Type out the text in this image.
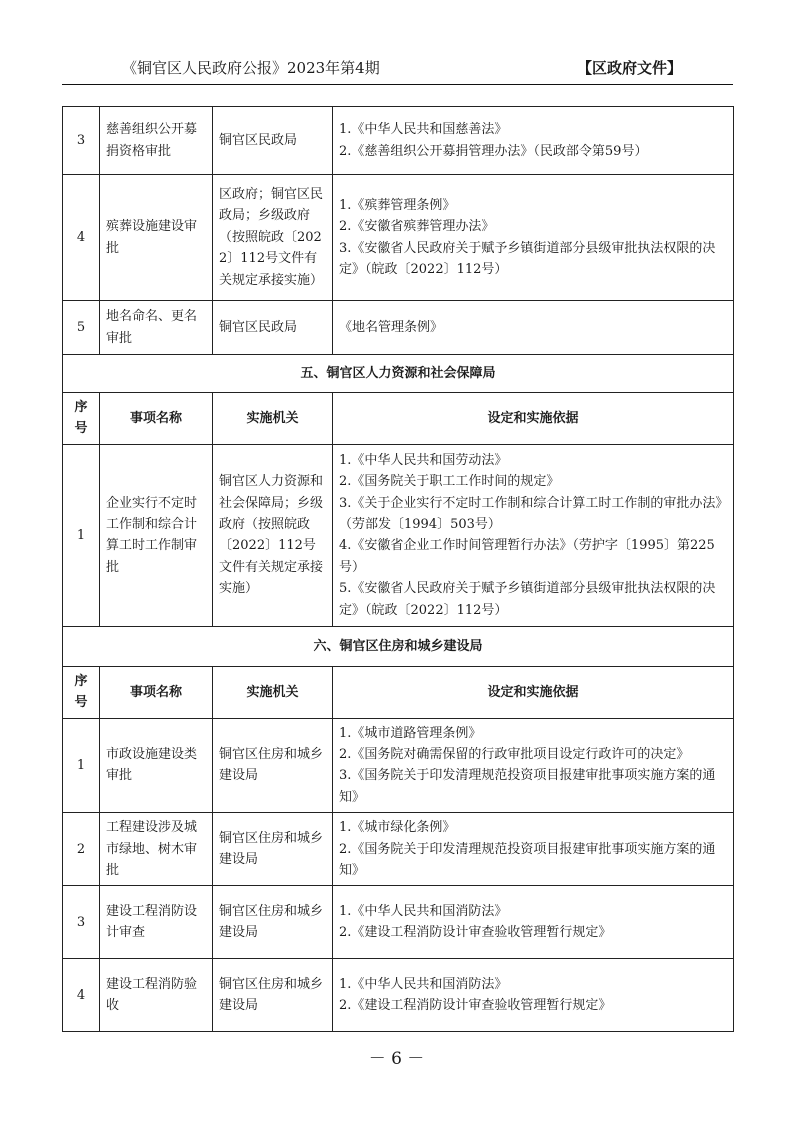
《铜官区人民政府公报》2023年第4期	【区政府文件】
3	慈善组织公开募捐资格审批	铜官区民政局	1.《中华人民共和国慈善法》
2.《慈善组织公开募捐管理办法》（民政部令第59号）

4	殡葬设施建设审批	区政府；铜官区民政局；乡级政府（按照皖政〔2022〕112号文件有关规定承接实施）	1.《殡葬管理条例》
2.《安徽省殡葬管理办法》
3.《安徽省人民政府关于赋予乡镇街道部分县级审批执法权限的决定》（皖政〔2022〕112号）

5	地名命名、更名审批	铜官区民政局	《地名管理条例》

五、铜官区人力资源和社会保障局			
序号	事项名称	实施机关	设定和实施依据
1	企业实行不定时工作制和综合计算工时工作制审批	铜官区人力资源和社会保障局；乡级政府（按照皖政〔2022〕112号文件有关规定承接实施）	1.《中华人民共和国劳动法》
2.《国务院关于职工工作时间的规定》
3.《关于企业实行不定时工作制和综合计算工时工作制的审批办法》（劳部发〔1994〕503号）
4.《安徽省企业工作时间管理暂行办法》（劳护字〔1995〕第225号）
5.《安徽省人民政府关于赋予乡镇街道部分县级审批执法权限的决定》（皖政〔2022〕112号）

六、铜官区住房和城乡建设局			
序号	事项名称	实施机关	设定和实施依据
1	市政设施建设类审批	铜官区住房和城乡建设局	1.《城市道路管理条例》
2.《国务院对确需保留的行政审批项目设定行政许可的决定》
3.《国务院关于印发清理规范投资项目报建审批事项实施方案的通知》

2	工程建设涉及城市绿地、树木审批	铜官区住房和城乡建设局	1.《城市绿化条例》
2.《国务院关于印发清理规范投资项目报建审批事项实施方案的通知》

3	建设工程消防设计审查	铜官区住房和城乡建设局	1.《中华人民共和国消防法》
2.《建设工程消防设计审查验收管理暂行规定》

4	建设工程消防验收	铜官区住房和城乡建设局	1.《中华人民共和国消防法》
2.《建设工程消防设计审查验收管理暂行规定》
－ 6 －
